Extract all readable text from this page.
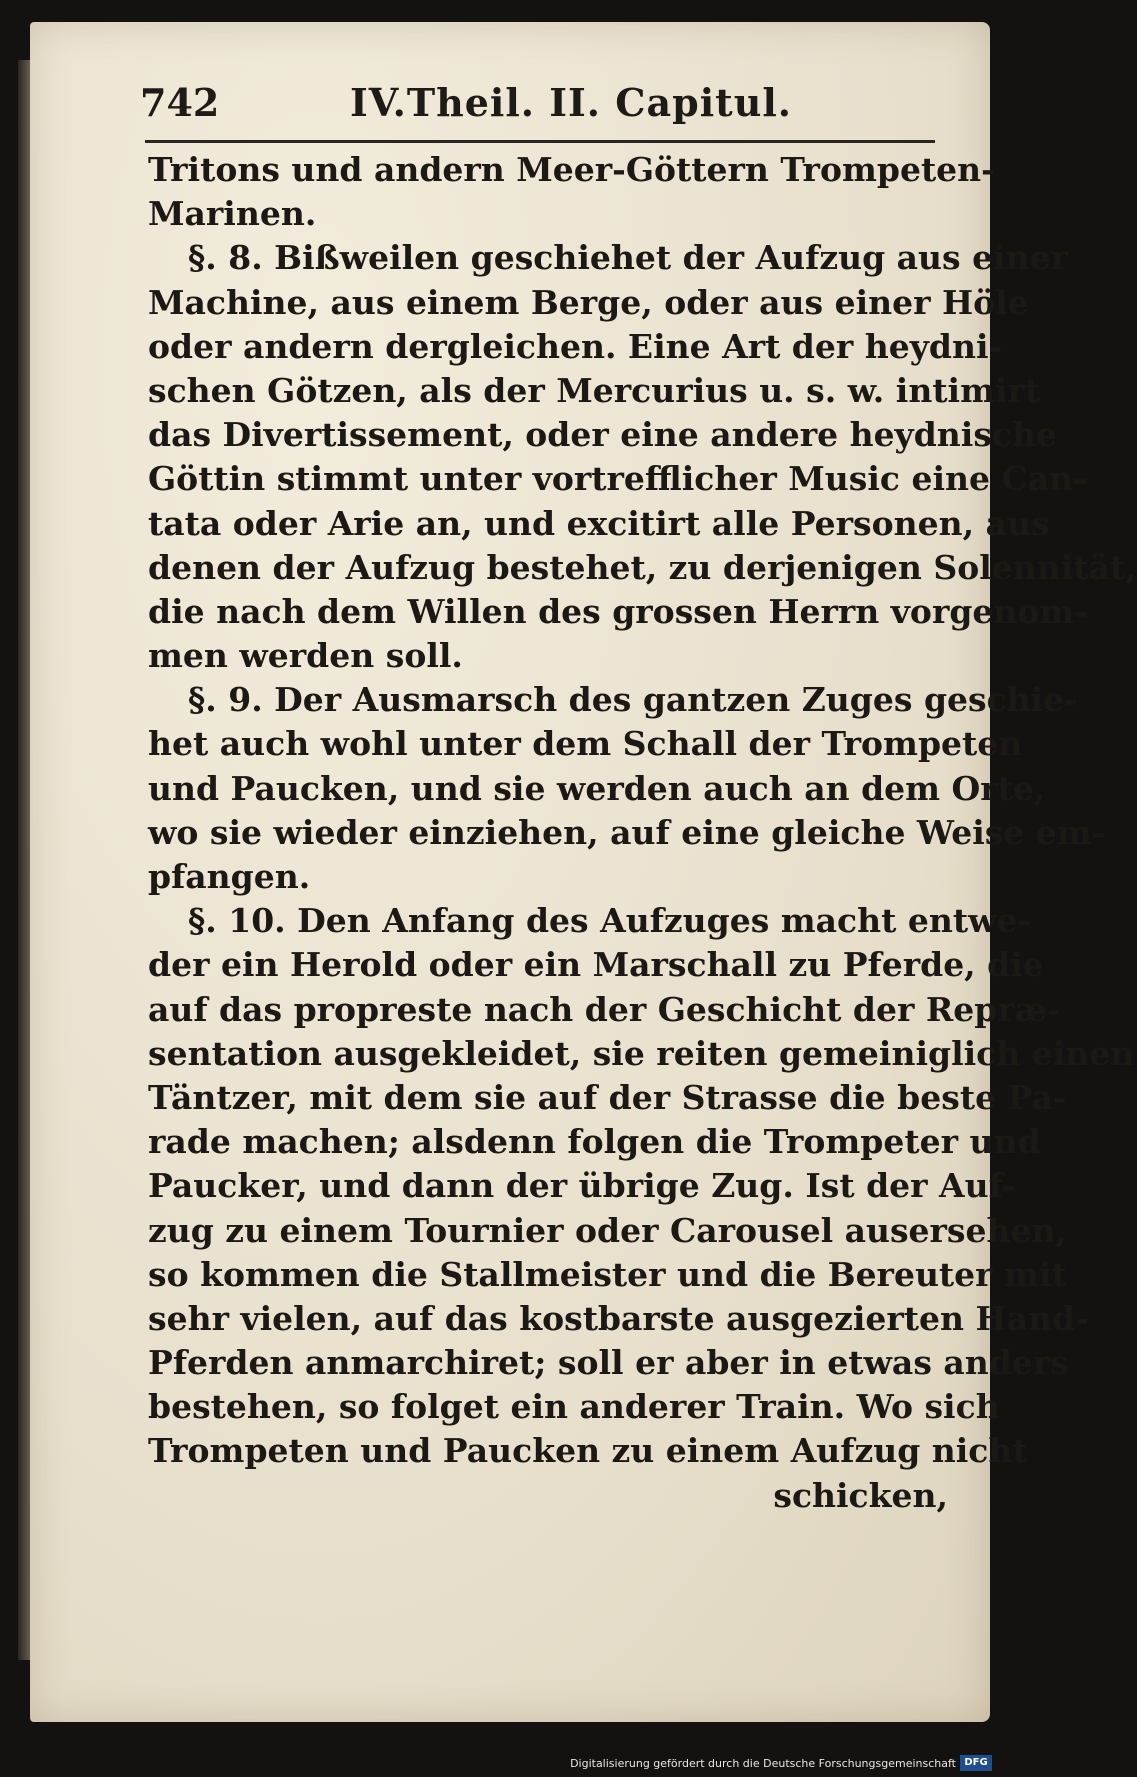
742	IV.Theil. II. Capitul.
Tritons und andern Meer-Göttern Trompeten-
Marinen.
§. 8. Bißweilen geschiehet der Aufzug aus einer
Machine, aus einem Berge, oder aus einer Höle
oder andern dergleichen. Eine Art der heydni-
schen Götzen, als der Mercurius u. s. w. intimirt
das Divertissement, oder eine andere heydnische
Göttin stimmt unter vortrefflicher Music eine Can-
tata oder Arie an, und excitirt alle Personen, aus
denen der Aufzug bestehet, zu derjenigen Solennität,
die nach dem Willen des grossen Herrn vorgenom-
men werden soll.
§. 9. Der Ausmarsch des gantzen Zuges geschie-
het auch wohl unter dem Schall der Trompeten
und Paucken, und sie werden auch an dem Orte,
wo sie wieder einziehen, auf eine gleiche Weise em-
pfangen.
§. 10. Den Anfang des Aufzuges macht entwe-
der ein Herold oder ein Marschall zu Pferde, die
auf das propreste nach der Geschicht der Repræ-
sentation ausgekleidet, sie reiten gemeiniglich einen
Täntzer, mit dem sie auf der Strasse die beste Pa-
rade machen; alsdenn folgen die Trompeter und
Paucker, und dann der übrige Zug. Ist der Auf-
zug zu einem Tournier oder Carousel ausersehen,
so kommen die Stallmeister und die Bereuter mit
sehr vielen, auf das kostbarste ausgezierten Hand-
Pferden anmarchiret; soll er aber in etwas anders
bestehen, so folget ein anderer Train. Wo sich
Trompeten und Paucken zu einem Aufzug nicht
schicken,
Digitalisierung gefördert durch die Deutsche Forschungsgemeinschaft DFG
